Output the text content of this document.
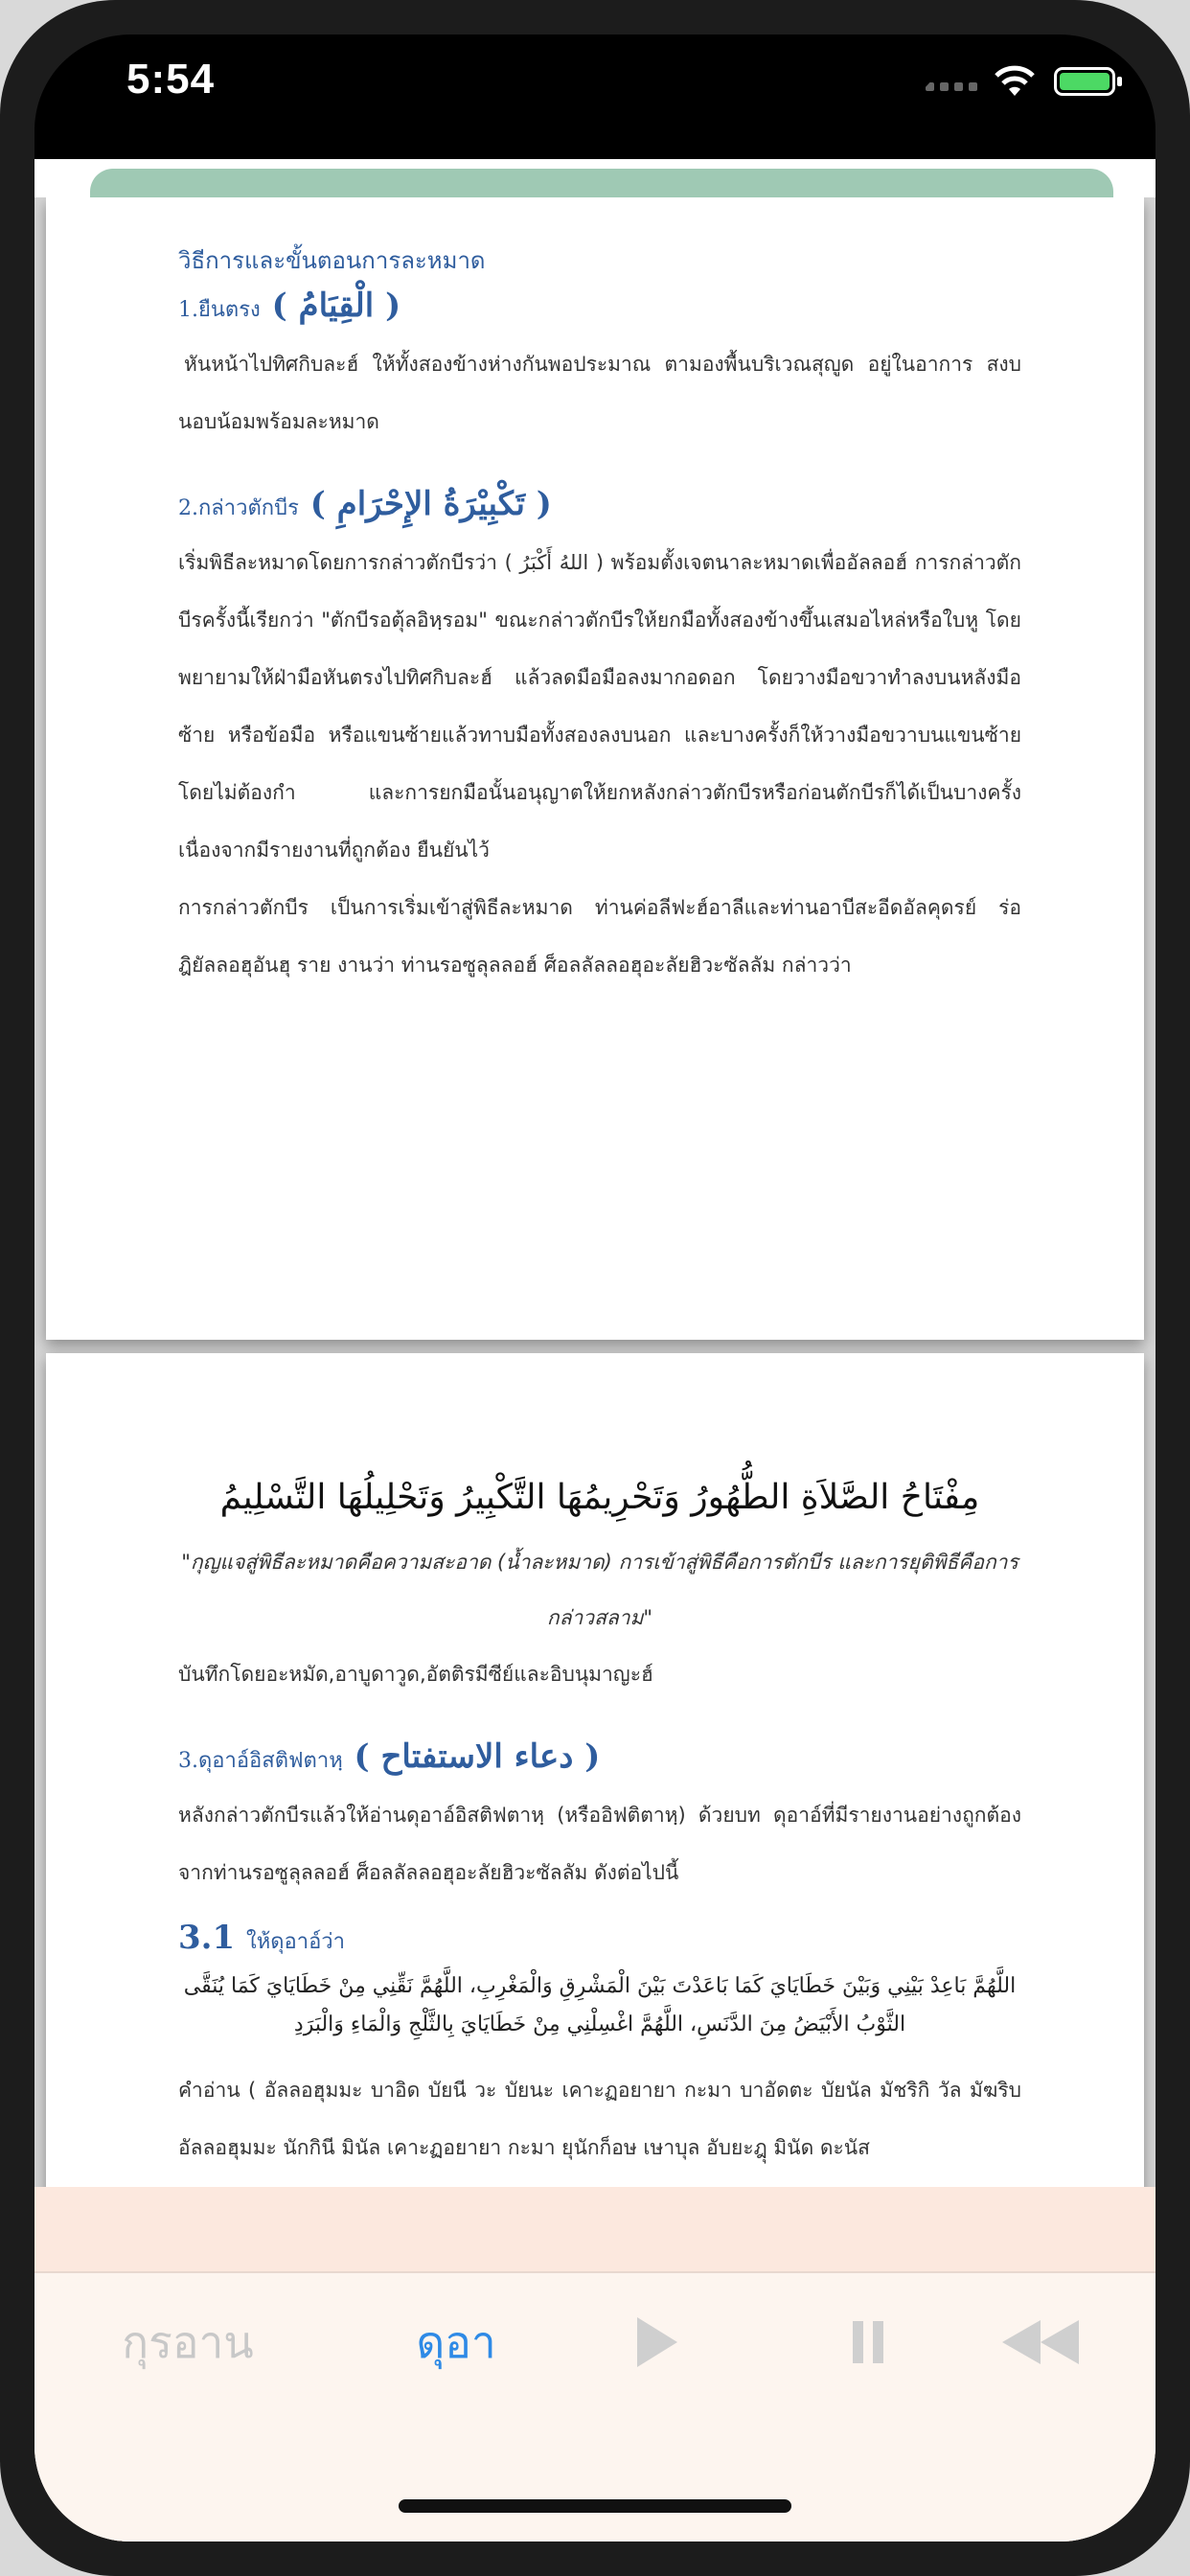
5:54
วิธีการและขั้นตอนการละหมาด
1.ยืนตรง ( الْقِيَامُ )

หันหน้าไปทิศกิบละฮ์ ให้ทั้งสองข้างห่างกันพอประมาณ ตามองพื้นบริเวณสุญูด อยู่ในอาการ สงบนอบน้อมพร้อมละหมาด

2.กล่าวตักบีร ( تَكْبِيْرَةُ الإِحْرَامِ )

เริ่มพิธีละหมาดโดยการกล่าวตักบีรว่า ( اللهُ أَكْبَرُ ) พร้อมตั้งเจตนาละหมาดเพื่ออัลลอฮ์ การกล่าวตักบีรครั้งนี้เรียกว่า "ตักบีรอตุ้ลอิหฺรอม" ขณะกล่าวตักบีรให้ยกมือทั้งสองข้างขึ้นเสมอไหล่หรือใบหู โดยพยายามให้ฝ่ามือหันตรงไปทิศกิบละฮ์ แล้วลดมือมือลงมากอดอก โดยวางมือขวาทำลงบนหลังมือซ้าย หรือข้อมือ หรือแขนซ้ายแล้วทาบมือทั้งสองลงบนอก และบางครั้งก็ให้วางมือขวาบนแขนซ้ายโดยไม่ต้องกำ และการยกมือนั้นอนุญาตให้ยกหลังกล่าวตักบีรหรือก่อนตักบีรก็ได้เป็นบางครั้งเนื่องจากมีรายงานที่ถูกต้อง ยืนยันไว้

การกล่าวตักบีร เป็นการเริ่มเข้าสู่พิธีละหมาด ท่านค่อลีฟะฮ์อาลีและท่านอาบีสะอีดอัลคุดรย์ ร่อฎิยัลลอฮุอันฮุ ราย งานว่า ท่านรอซูลุลลอฮ์ ศ็อลลัลลอฮุอะลัยฮิวะซัลลัม กล่าวว่า

مِفْتَاحُ الصَّلاَةِ الطُّهُورُ وَتَحْرِيمُهَا التَّكْبِيرُ وَتَحْلِيلُهَا التَّسْلِيمُ
"กุญแจสู่พิธีละหมาดคือความสะอาด (น้ำละหมาด) การเข้าสู่พิธีคือการตักบีร และการยุติพิธีคือการ กล่าวสลาม"

บันทึกโดยอะหมัด,อาบูดาวูด,อัตติรมีซีย์และอิบนุมาญะฮ์

3.ดุอาอ์อิสติฟตาหฺ ( دعاء الاستفتاح )

หลังกล่าวตักบีรแล้วให้อ่านดุอาอ์อิสติฟตาหฺ (หรืออิฟติตาหฺ) ด้วยบท ดุอาอ์ที่มีรายงานอย่างถูกต้องจากท่านรอซูลุลลอฮ์ ศ็อลลัลลอฮุอะลัยฮิวะซัลลัม ดังต่อไปนี้

3.1 ให้ดุอาอ์ว่า
اللَّهُمَّ بَاعِدْ بَيْنِي وَبَيْنَ خَطَايَايَ كَمَا بَاعَدْتَ بَيْنَ الْمَشْرِقِ وَالْمَغْرِبِ، اللَّهُمَّ نَقِّنِي مِنْ خَطَايَايَ كَمَا يُنَقَّى الثَّوْبُ الأَبْيَضُ مِنَ الدَّنَسِ، اللَّهُمَّ اغْسِلْنِي مِنْ خَطَايَايَ بِالثَّلْجِ وَالْمَاءِ وَالْبَرَدِ

คำอ่าน ( อัลลอฮุมมะ บาอิด บัยนี วะ บัยนะ เคาะฏอยายา กะมา บาอัดตะ บัยนัล มัชริกิ วัล มัฆริบ อัลลอฮุมมะ นักกินี มินัล เคาะฏอยายา กะมา ยุนักก็อษ เษาบุล อับยะฎุ มินัด ดะนัส

กุรอาน	ดุอา
